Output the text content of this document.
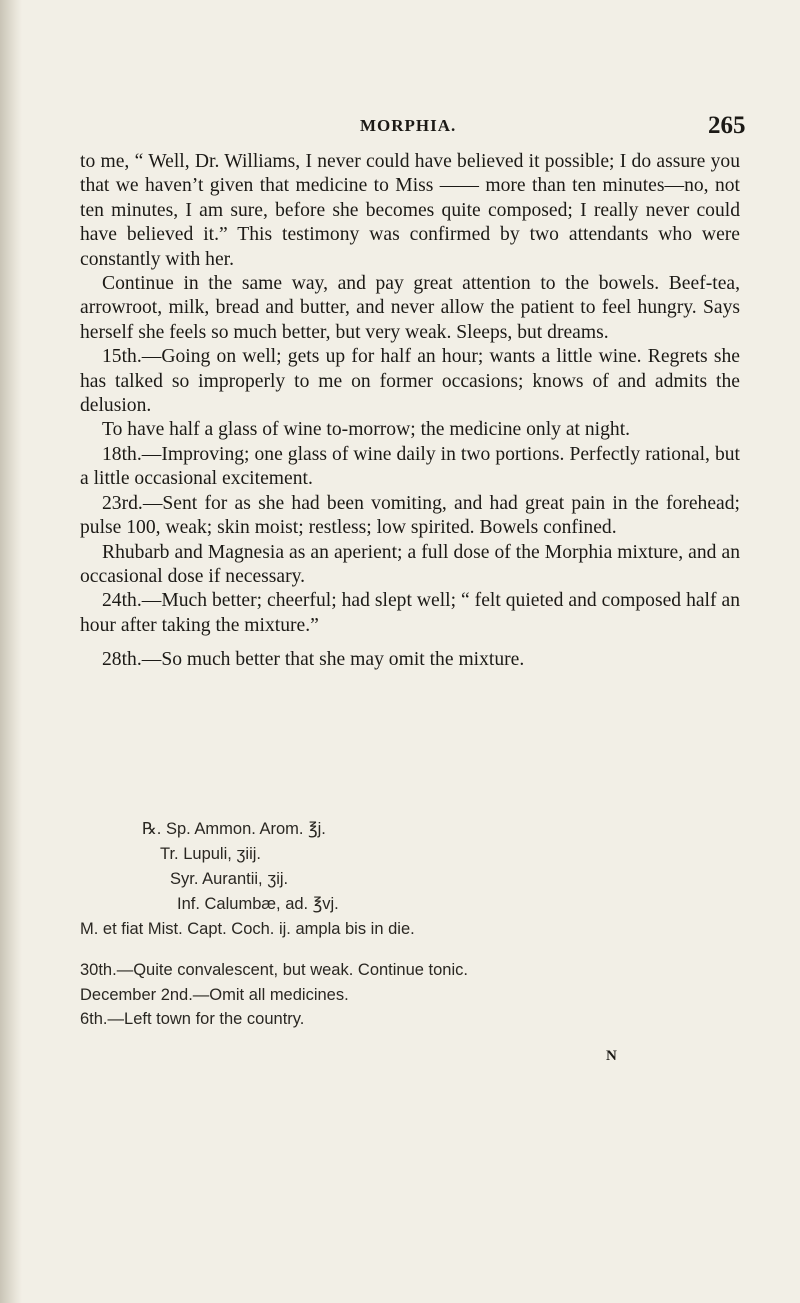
MORPHIA.	265

to me, “ Well, Dr. Williams, I never could have believed it possible; I do assure you that we haven’t given that medicine to Miss —— more than ten minutes—no, not ten minutes, I am sure, before she becomes quite composed; I really never could have believed it.” This testimony was confirmed by two attendants who were constantly with her.

Continue in the same way, and pay great attention to the bowels. Beef-tea, arrowroot, milk, bread and butter, and never allow the patient to feel hungry. Says herself she feels so much better, but very weak. Sleeps, but dreams.

15th.—Going on well; gets up for half an hour; wants a little wine. Regrets she has talked so improperly to me on former occasions; knows of and admits the delusion.

To have half a glass of wine to-morrow; the medicine only at night.

18th.—Improving; one glass of wine daily in two portions. Perfectly rational, but a little occasional excitement.

23rd.—Sent for as she had been vomiting, and had great pain in the forehead; pulse 100, weak; skin moist; restless; low spirited. Bowels confined.

Rhubarb and Magnesia as an aperient; a full dose of the Morphia mixture, and an occasional dose if necessary.

24th.—Much better; cheerful; had slept well; “ felt quieted and composed half an hour after taking the mixture.”

28th.—So much better that she may omit the mixture.

℞. Sp. Ammon. Arom. ℥j.
Tr. Lupuli, ʒiij.
Syr. Aurantii, ʒij.
Inf. Calumbæ, ad. ℥vj.
M. et fiat Mist. Capt. Coch. ij. ampla bis in die.
30th.—Quite convalescent, but weak. Continue tonic.
December 2nd.—Omit all medicines.
6th.—Left town for the country.
N
